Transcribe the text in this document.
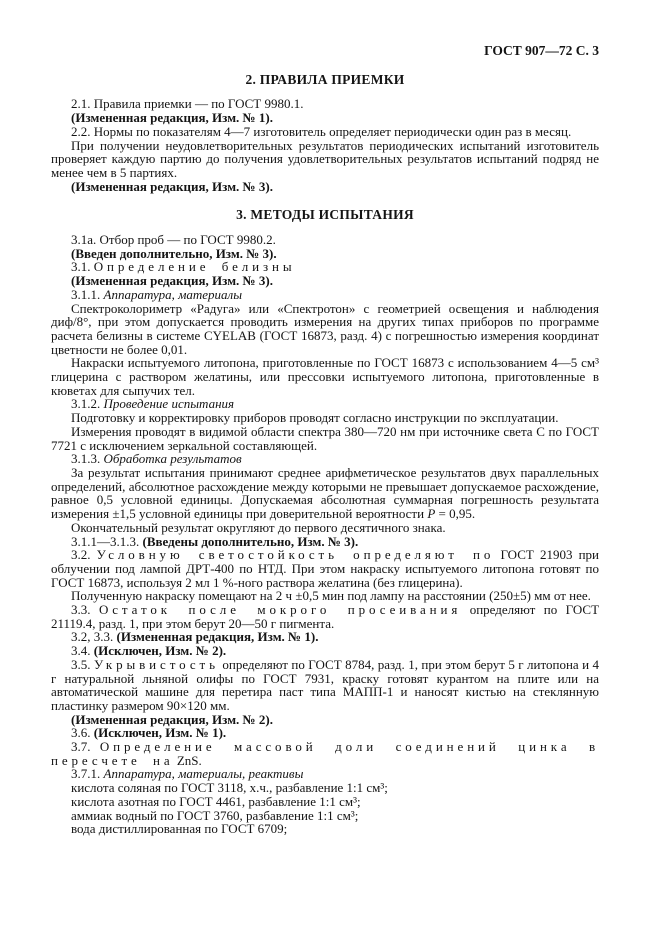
ГОСТ 907—72 С. 3
2. ПРАВИЛА ПРИЕМКИ

2.1. Правила приемки — по ГОСТ 9980.1.

(Измененная редакция, Изм. № 1).

2.2. Нормы по показателям 4—7 изготовитель определяет периодически один раз в месяц.

При получении неудовлетворительных результатов периодических испытаний изготовитель проверяет каждую партию до получения удовлетворительных результатов испытаний подряд не менее чем в 5 партиях.

(Измененная редакция, Изм. № 3).

3. МЕТОДЫ ИСПЫТАНИЯ

3.1а. Отбор проб — по ГОСТ 9980.2.

(Введен дополнительно, Изм. № 3).

3.1. Определение белизны

(Измененная редакция, Изм. № 3).

3.1.1. Аппаратура, материалы

Спектроколориметр «Радуга» или «Спектротон» с геометрией освещения и наблюдения диф/8°, при этом допускается проводить измерения на других типах приборов по программе расчета белизны в системе CYELAB (ГОСТ 16873, разд. 4) с погрешностью измерения координат цветности не более 0,01.

Накраски испытуемого литопона, приготовленные по ГОСТ 16873 с использованием 4—5 см³ глицерина с раствором желатины, или прессовки испытуемого литопона, приготовленные в кюветах для сыпучих тел.

3.1.2. Проведение испытания

Подготовку и корректировку приборов проводят согласно инструкции по эксплуатации.

Измерения проводят в видимой области спектра 380—720 нм при источнике света С по ГОСТ 7721 с исключением зеркальной составляющей.

3.1.3. Обработка результатов

За результат испытания принимают среднее арифметическое результатов двух параллельных определений, абсолютное расхождение между которыми не превышает допускаемое расхождение, равное 0,5 условной единицы. Допускаемая абсолютная суммарная погрешность результата измерения ±1,5 условной единицы при доверительной вероятности Р = 0,95.

Окончательный результат округляют до первого десятичного знака.

3.1.1—3.1.3. (Введены дополнительно, Изм. № 3).

3.2. Условную светостойкость определяют по ГОСТ 21903 при облучении под лампой ДРТ-400 по НТД. При этом накраску испытуемого литопона готовят по ГОСТ 16873, используя 2 мл 1 %-ного раствора желатина (без глицерина).

Полученную накраску помещают на 2 ч ±0,5 мин под лампу на расстоянии (250±5) мм от нее.

3.3. Остаток после мокрого просеивания определяют по ГОСТ 21119.4, разд. 1, при этом берут 20—50 г пигмента.

3.2, 3.3. (Измененная редакция, Изм. № 1).

3.4. (Исключен, Изм. № 2).

3.5. Укрывистость определяют по ГОСТ 8784, разд. 1, при этом берут 5 г литопона и 4 г натуральной льняной олифы по ГОСТ 7931, краску готовят курантом на плите или на автоматической машине для перетира паст типа МАПП-1 и наносят кистью на стеклянную пластинку размером 90×120 мм.

(Измененная редакция, Изм. № 2).

3.6. (Исключен, Изм. № 1).

3.7. Определение массовой доли соединений цинка в пересчете на ZnS.

3.7.1. Аппаратура, материалы, реактивы

кислота соляная по ГОСТ 3118, х.ч., разбавление 1:1 см³;

кислота азотная по ГОСТ 4461, разбавление 1:1 см³;

аммиак водный по ГОСТ 3760, разбавление 1:1 см³;

вода дистиллированная по ГОСТ 6709;
